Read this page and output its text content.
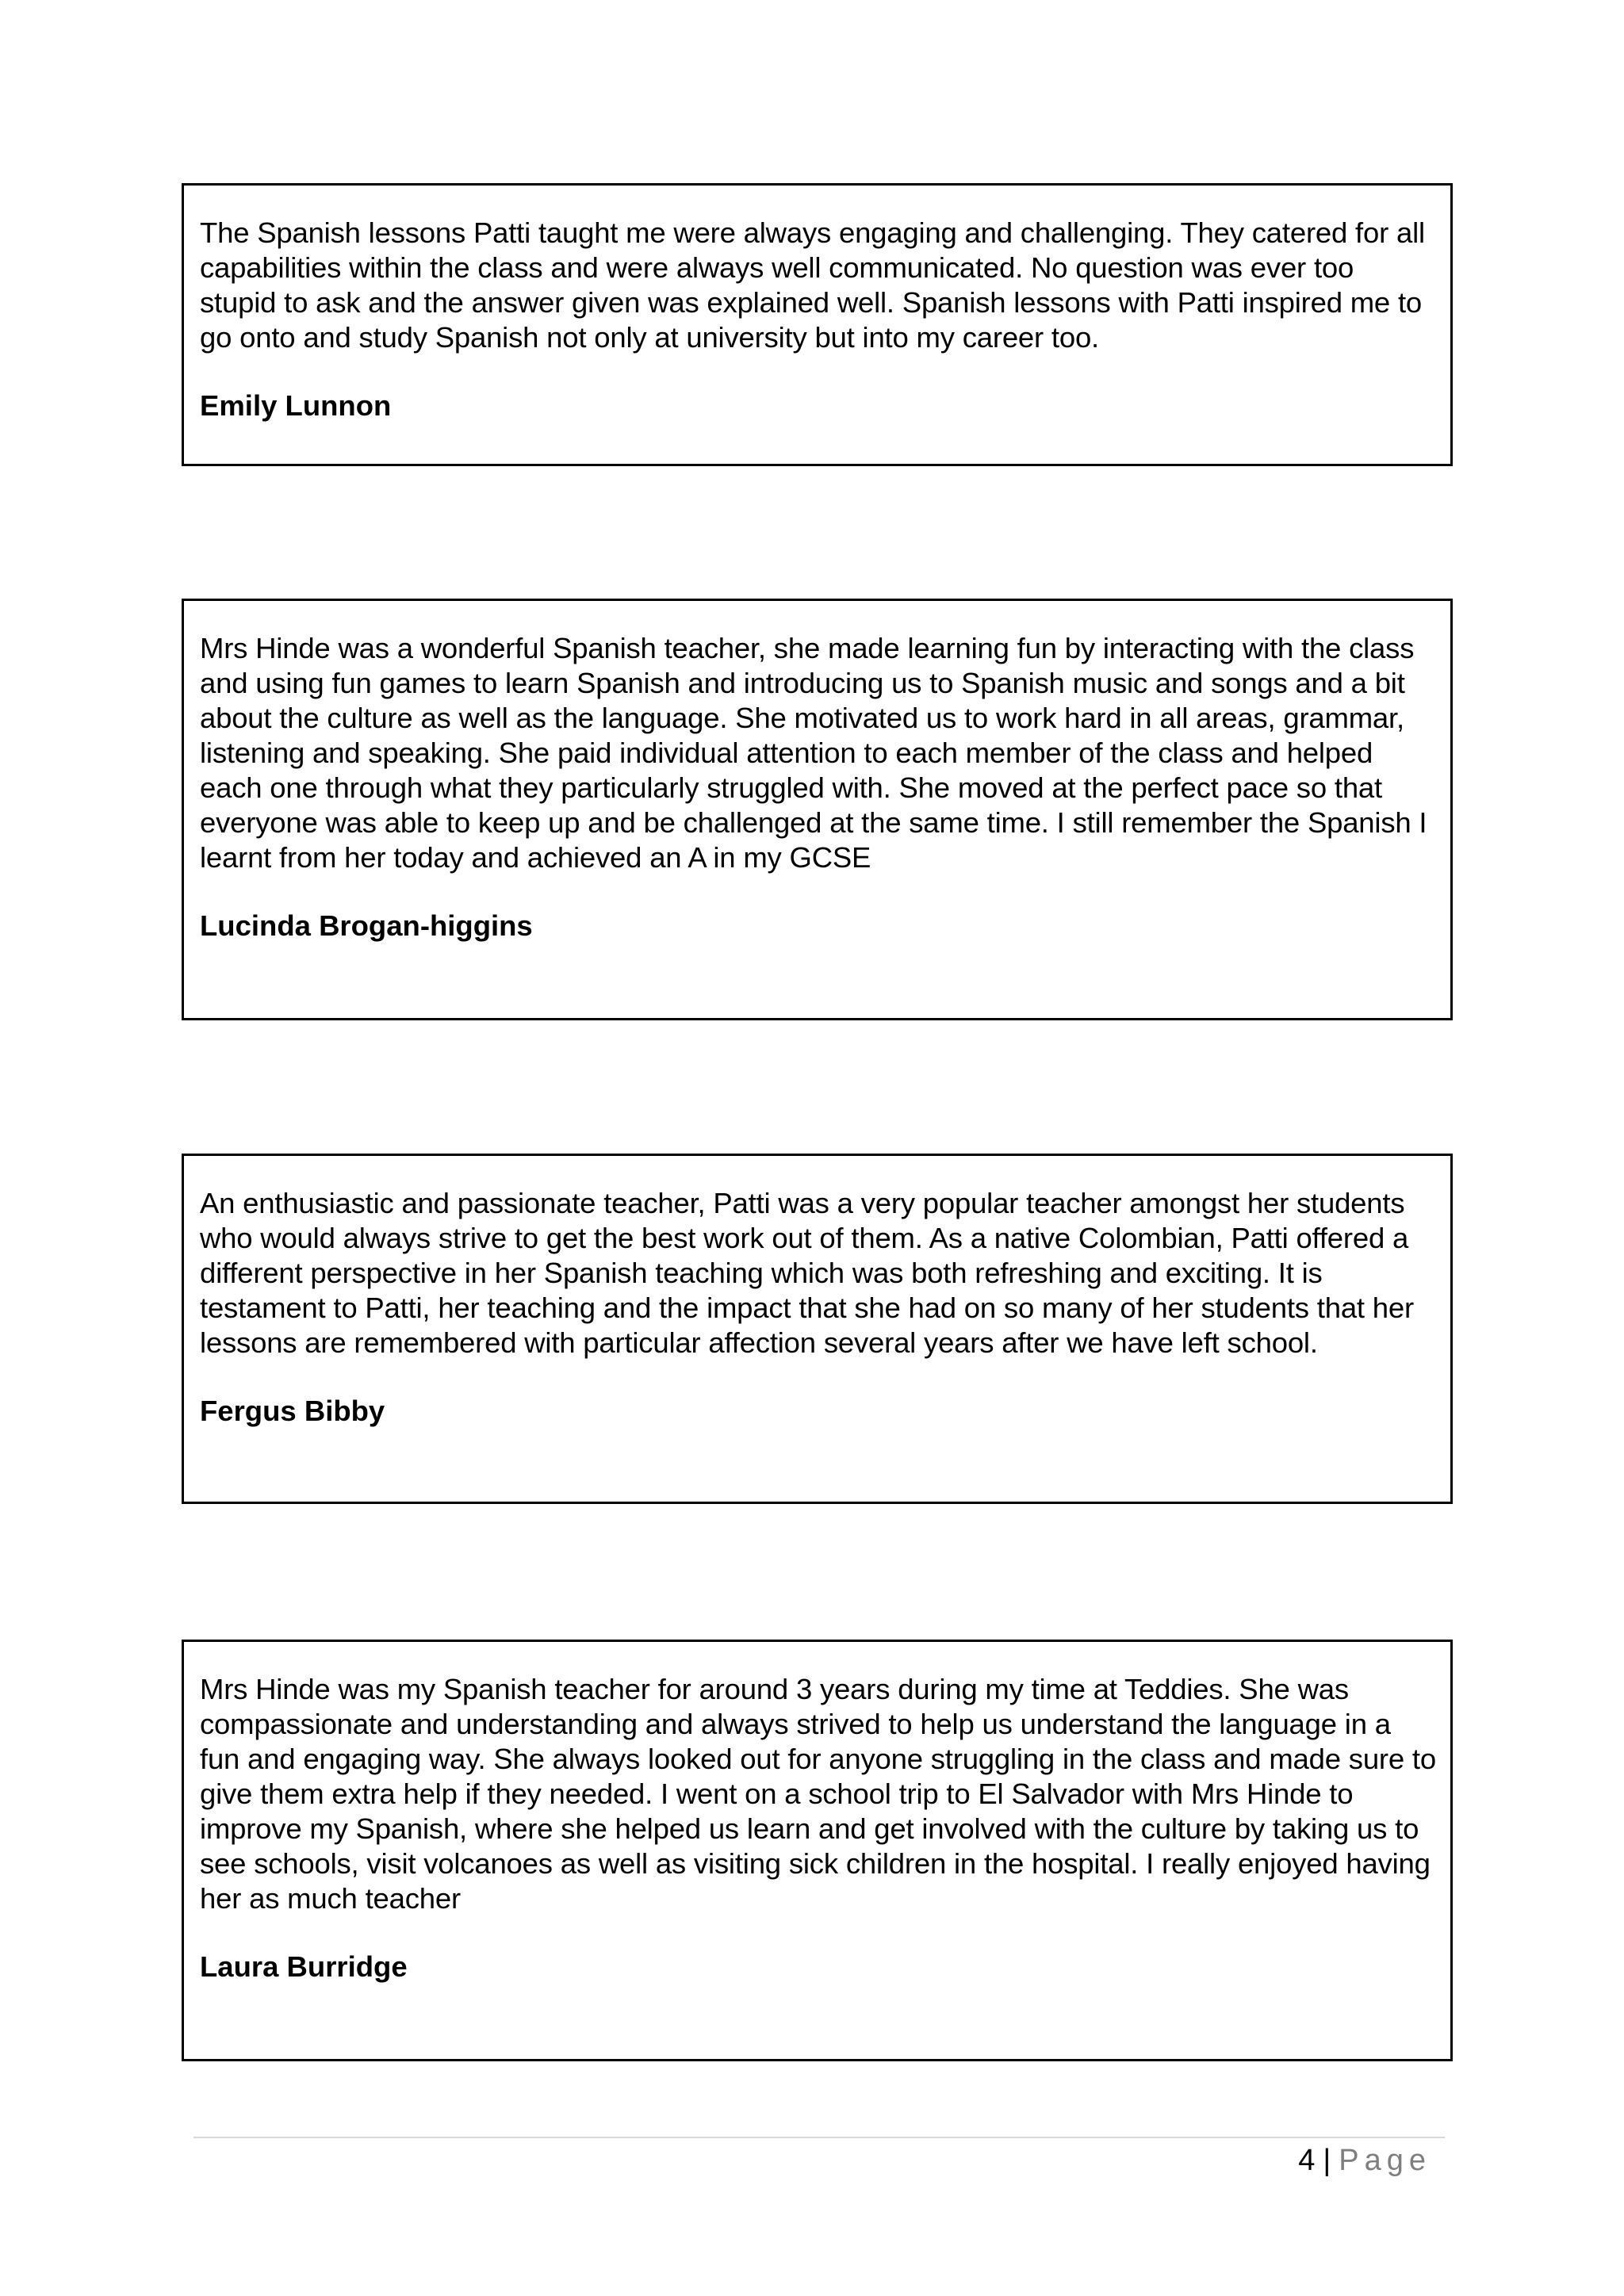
The Spanish lessons Patti taught me were always engaging and challenging. They catered for all capabilities within the class and were always well communicated. No question was ever too stupid to ask and the answer given was explained well. Spanish lessons with Patti inspired me to go onto and study Spanish not only at university but into my career too.

Emily Lunnon

Mrs Hinde was a wonderful Spanish teacher, she made learning fun by interacting with the class and using fun games to learn Spanish and introducing us to Spanish music and songs and a bit about the culture as well as the language. She motivated us to work hard in all areas, grammar, listening and speaking. She paid individual attention to each member of the class and helped each one through what they particularly struggled with. She moved at the perfect pace so that everyone was able to keep up and be challenged at the same time. I still remember the Spanish I learnt from her today and achieved an A in my GCSE

Lucinda Brogan-higgins

An enthusiastic and passionate teacher, Patti was a very popular teacher amongst her students who would always strive to get the best work out of them. As a native Colombian, Patti offered a different perspective in her Spanish teaching which was both refreshing and exciting. It is testament to Patti, her teaching and the impact that she had on so many of her students that her lessons are remembered with particular affection several years after we have left school.

Fergus Bibby

Mrs Hinde was my Spanish teacher for around 3 years during my time at Teddies. She was compassionate and understanding and always strived to help us understand the language in a fun and engaging way. She always looked out for anyone struggling in the class and made sure to give them extra help if they needed. I went on a school trip to El Salvador with Mrs Hinde to improve my Spanish, where she helped us learn and get involved with the culture by taking us to see schools, visit volcanoes as well as visiting sick children in the hospital. I really enjoyed having her as much teacher

Laura Burridge

4 | Page
